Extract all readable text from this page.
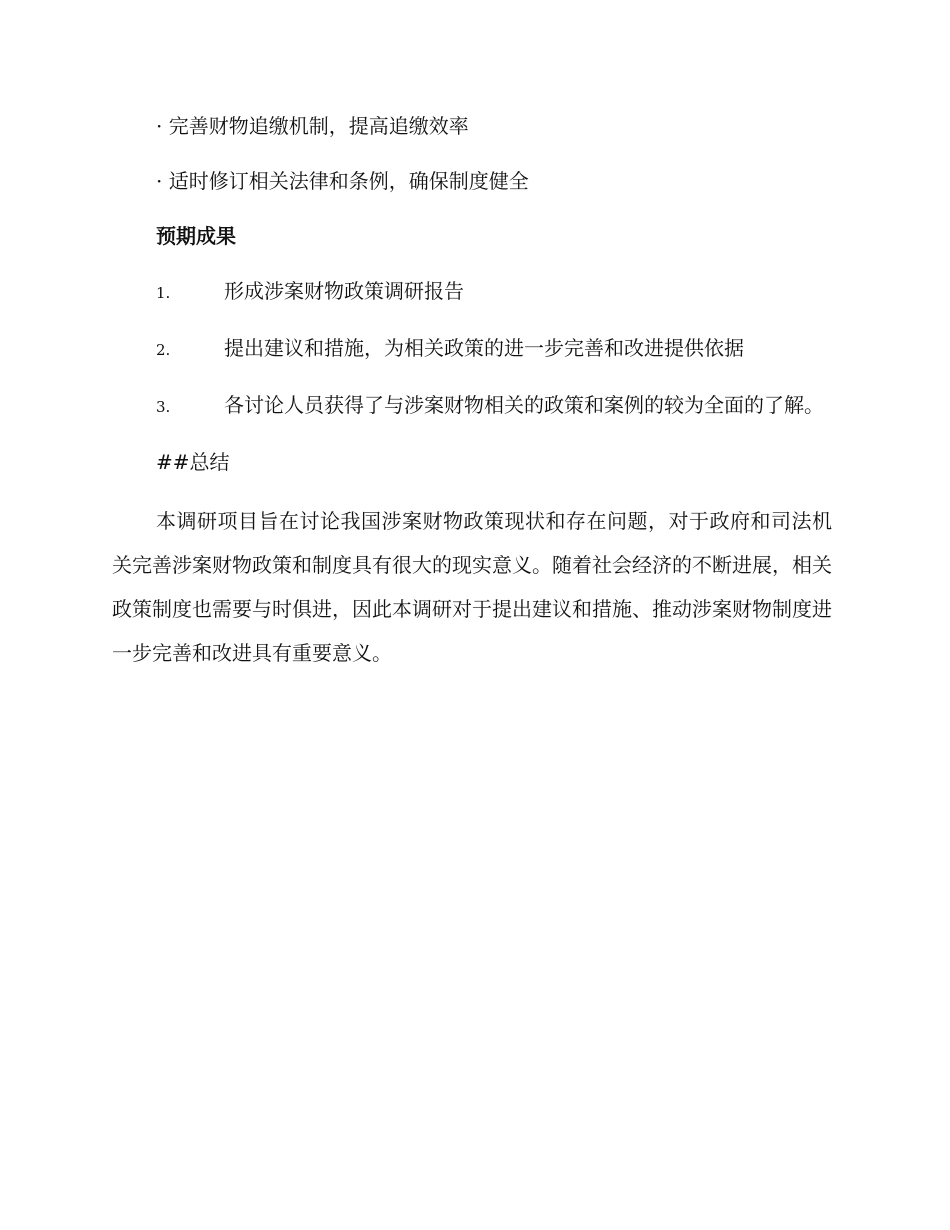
· 完善财物追缴机制，提高追缴效率

· 适时修订相关法律和条例，确保制度健全

预期成果

1.	形成涉案财物政策调研报告
2.	提出建议和措施，为相关政策的进一步完善和改进提供依据
3.	各讨论人员获得了与涉案财物相关的政策和案例的较为全面的了解。

##总结

本调研项目旨在讨论我国涉案财物政策现状和存在问题，对于政府和司法机关完善涉案财物政策和制度具有很大的现实意义。随着社会经济的不断进展，相关政策制度也需要与时俱进，因此本调研对于提出建议和措施、推动涉案财物制度进一步完善和改进具有重要意义。
